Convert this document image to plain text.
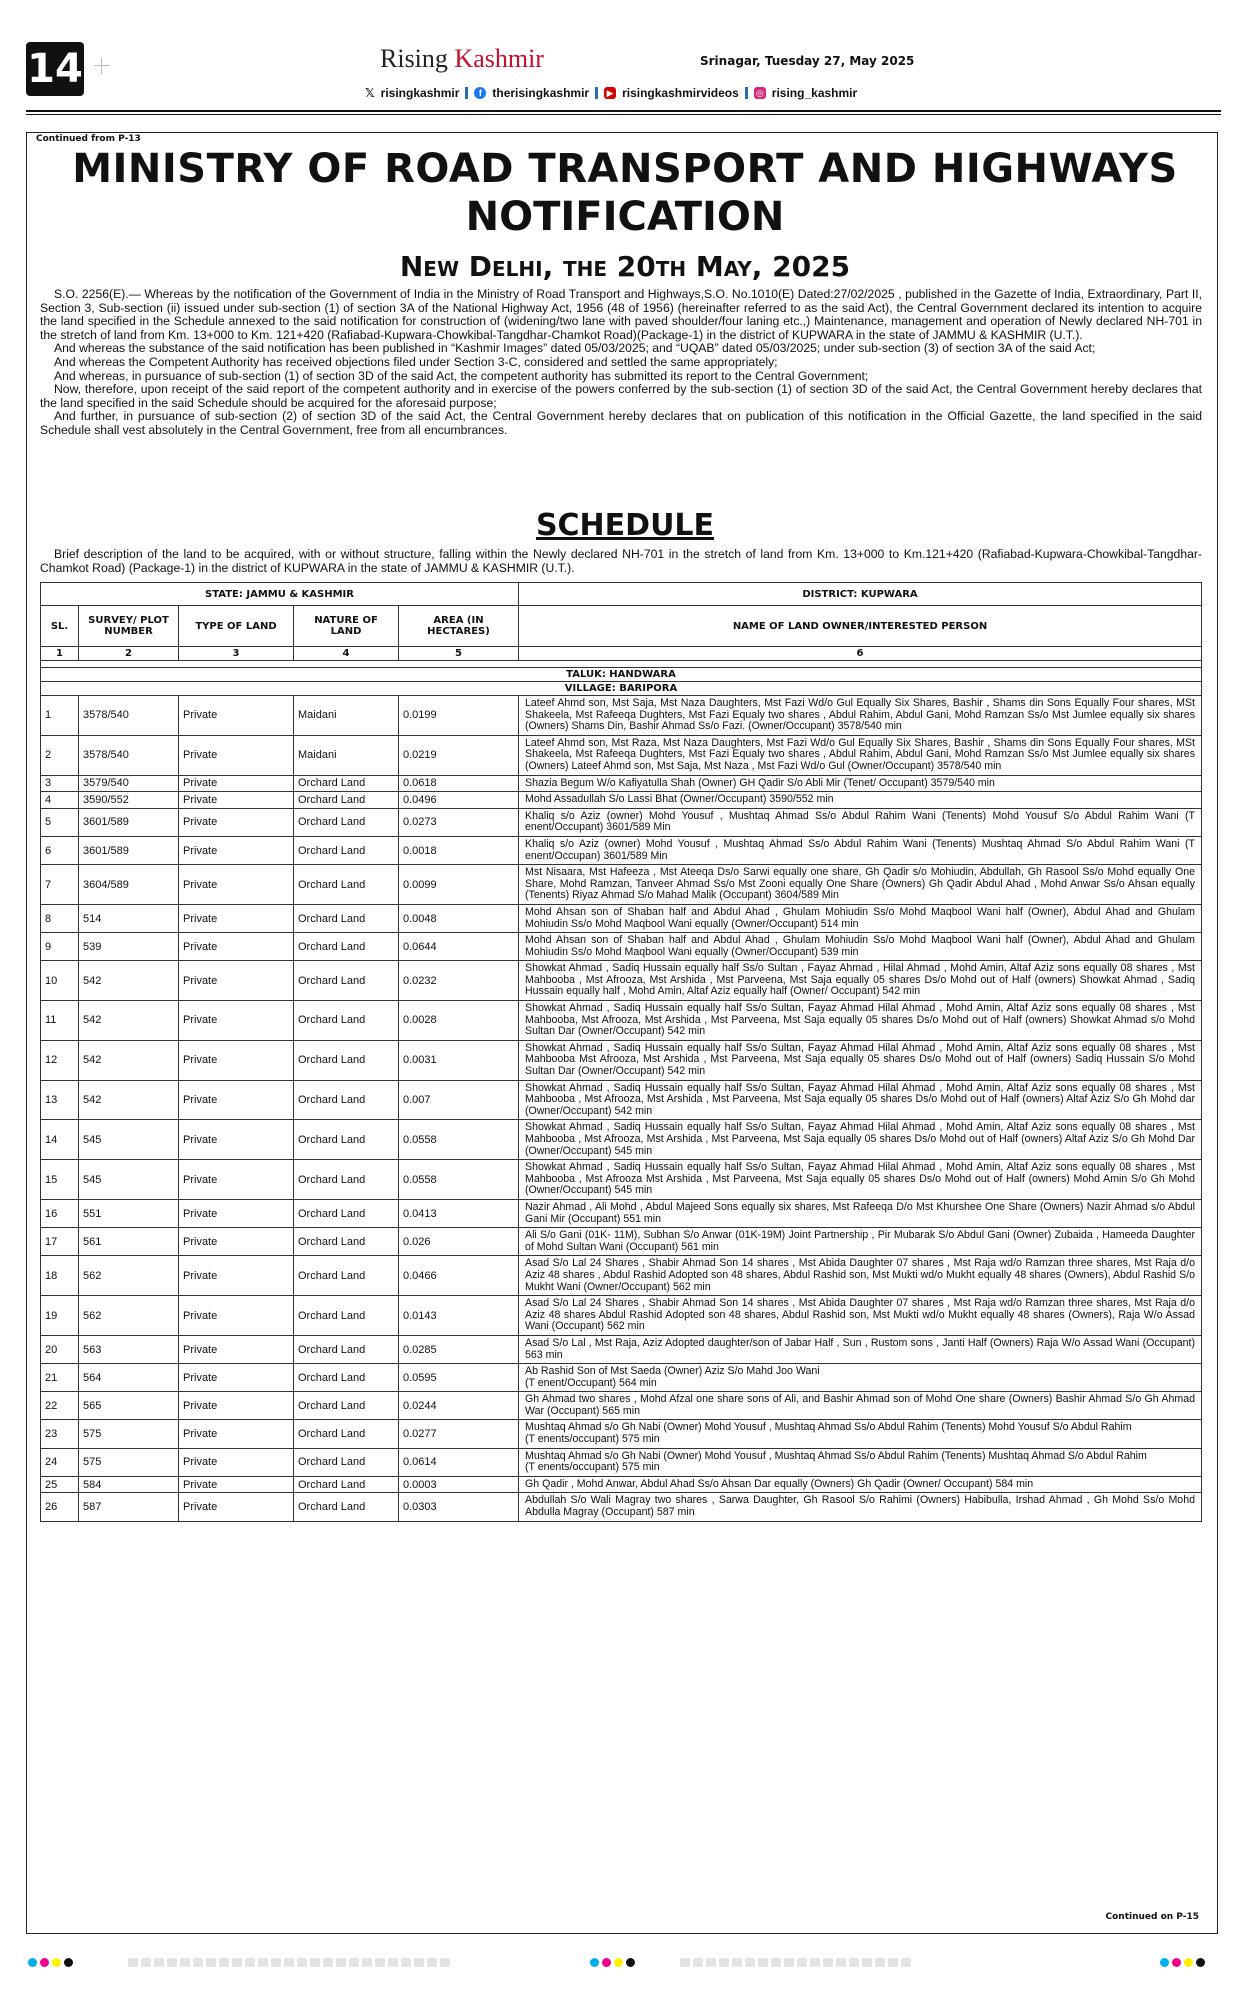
14	Rising Kashmir	Srinagar, Tuesday 27, May 2025
𝕏 risingkashmir	f therisingkashmir ▶ risingkashmirvideos ◎ rising_kashmir
Continued from P-13
MINISTRY OF ROAD TRANSPORT AND HIGHWAYS
NOTIFICATION
New Delhi, the 20th May, 2025

S.O. 2256(E).— Whereas by the notification of the Government of India in the Ministry of Road Transport and Highways,S.O. No.1010(E) Dated:27/02/2025 , published in the Gazette of India, Extraordinary, Part II, Section 3, Sub-section (ii) issued under sub-section (1) of section 3A of the National Highway Act, 1956 (48 of 1956) (hereinafter referred to as the said Act), the Central Government declared its intention to acquire the land specified in the Schedule annexed to the said notification for construction of (widening/two lane with paved shoulder/four laning etc.,) Maintenance, management and operation of Newly declared NH-701 in the stretch of land from Km. 13+000 to Km. 121+420 (Rafiabad-Kupwara-Chowkibal-Tangdhar-Chamkot Road)(Package-1) in the district of KUPWARA in the state of JAMMU & KASHMIR (U.T.).

And whereas the substance of the said notification has been published in “Kashmir Images” dated 05/03/2025; and “UQAB” dated 05/03/2025; under sub-section (3) of section 3A of the said Act;

And whereas the Competent Authority has received objections filed under Section 3-C, considered and settled the same appropriately;

And whereas, in pursuance of sub-section (1) of section 3D of the said Act, the competent authority has submitted its report to the Central Government;

Now, therefore, upon receipt of the said report of the competent authority and in exercise of the powers conferred by the sub-section (1) of section 3D of the said Act, the Central Government hereby declares that the land specified in the said Schedule should be acquired for the aforesaid purpose;

And further, in pursuance of sub-section (2) of section 3D of the said Act, the Central Government hereby declares that on publication of this notification in the Official Gazette, the land specified in the said Schedule shall vest absolutely in the Central Government, free from all encumbrances.

SCHEDULE
Brief description of the land to be acquired, with or without structure, falling within the Newly declared NH-701 in the stretch of land from Km. 13+000 to Km.121+420 (Rafiabad-Kupwara-Chowkibal-Tangdhar-Chamkot Road) (Package-1) in the district of KUPWARA in the state of JAMMU & KASHMIR (U.T.).
STATE: JAMMU & KASHMIR					DISTRICT: KUPWARA
SL.	SURVEY/ PLOT NUMBER	TYPE OF LAND	NATURE OF LAND	AREA (IN HECTARES)	NAME OF LAND OWNER/INTERESTED PERSON
1	2	3	4	5	6

TALUK: HANDWARA					
VILLAGE: BARIPORA					
1	3578/540	Private	Maidani	0.0199	Lateef Ahmd son, Mst Saja, Mst Naza Daughters, Mst Fazi Wd/o Gul Equally Six Shares, Bashir , Shams din Sons Equally Four shares, MSt Shakeela, Mst Rafeeqa Dughters, Mst Fazi Equaly two shares , Abdul Rahim, Abdul Gani, Mohd Ramzan Ss/o Mst Jumlee equally six shares (Owners) Shams Din, Bashir Ahmad Ss/o Fazi. (Owner/Occupant) 3578/540 min
2	3578/540	Private	Maidani	0.0219	Lateef Ahmd son, Mst Raza, Mst Naza Daughters, Mst Fazi Wd/o Gul Equally Six Shares, Bashir , Shams din Sons Equally Four shares, MSt Shakeela, Mst Rafeeqa Dughters, Mst Fazi Equaly two shares , Abdul Rahim, Abdul Gani, Mohd Ramzan Ss/o Mst Jumlee equally six shares (Owners) Lateef Ahmd son, Mst Saja, Mst Naza , Mst Fazi Wd/o Gul (Owner/Occupant) 3578/540 min
3	3579/540	Private	Orchard Land	0.0618	Shazia Begum W/o Kafiyatulla Shah (Owner) GH Qadir S/o Abli Mir (Tenet/ Occupant) 3579/540 min
4	3590/552	Private	Orchard Land	0.0496	Mohd Assadullah S/o Lassi Bhat (Owner/Occupant) 3590/552 min
5	3601/589	Private	Orchard Land	0.0273	Khaliq s/o Aziz (owner) Mohd Yousuf , Mushtaq Ahmad Ss/o Abdul Rahim Wani (Tenents) Mohd Yousuf S/o Abdul Rahim Wani (T enent/Occupant) 3601/589 Min
6	3601/589	Private	Orchard Land	0.0018	Khaliq s/o Aziz (owner) Mohd Yousuf , Mushtaq Ahmad Ss/o Abdul Rahim Wani (Tenents) Mushtaq Ahmad S/o Abdul Rahim Wani (T enent/Occupan) 3601/589 Min
7	3604/589	Private	Orchard Land	0.0099	Mst Nisaara, Mst Hafeeza , Mst Ateeqa Ds/o Sarwi equally one share, Gh Qadir s/o Mohiudin, Abdullah, Gh Rasool Ss/o Mohd equally One Share, Mohd Ramzan, Tanveer Ahmad Ss/o Mst Zooni equally One Share (Owners) Gh Qadir Abdul Ahad , Mohd Anwar Ss/o Ahsan equally (Tenents) Riyaz Ahmad S/o Mahad Malik (Occupant) 3604/589 Min
8	514	Private	Orchard Land	0.0048	Mohd Ahsan son of Shaban half and Abdul Ahad , Ghulam Mohiudin Ss/o Mohd Maqbool Wani half (Owner), Abdul Ahad and Ghulam Mohiudin Ss/o Mohd Maqbool Wani equally (Owner/Occupant) 514 min
9	539	Private	Orchard Land	0.0644	Mohd Ahsan son of Shaban half and Abdul Ahad , Ghulam Mohiudin Ss/o Mohd Maqbool Wani half (Owner), Abdul Ahad and Ghulam Mohiudin Ss/o Mohd Maqbool Wani equally (Owner/Occupant) 539 min
10	542	Private	Orchard Land	0.0232	Showkat Ahmad , Sadiq Hussain equally half Ss/o Sultan , Fayaz Ahmad , Hilal Ahmad , Mohd Amin, Altaf Aziz sons equally 08 shares , Mst Mahbooba , Mst Afrooza, Mst Arshida , Mst Parveena, Mst Saja equally 05 shares Ds/o Mohd out of Half (owners) Showkat Ahmad , Sadiq Hussain equally half , Mohd Amin, Altaf Aziz equally half (Owner/ Occupant) 542 min
11	542	Private	Orchard Land	0.0028	Showkat Ahmad , Sadiq Hussain equally half Ss/o Sultan, Fayaz Ahmad Hilal Ahmad , Mohd Amin, Altaf Aziz sons equally 08 shares , Mst Mahbooba, Mst Afrooza, Mst Arshida , Mst Parveena, Mst Saja equally 05 shares Ds/o Mohd out of Half (owners) Showkat Ahmad s/o Mohd Sultan Dar (Owner/Occupant) 542 min
12	542	Private	Orchard Land	0.0031	Showkat Ahmad , Sadiq Hussain equally half Ss/o Sultan, Fayaz Ahmad Hilal Ahmad , Mohd Amin, Altaf Aziz sons equally 08 shares , Mst Mahbooba Mst Afrooza, Mst Arshida , Mst Parveena, Mst Saja equally 05 shares Ds/o Mohd out of Half (owners) Sadiq Hussain S/o Mohd Sultan Dar (Owner/Occupant) 542 min
13	542	Private	Orchard Land	0.007	Showkat Ahmad , Sadiq Hussain equally half Ss/o Sultan, Fayaz Ahmad Hilal Ahmad , Mohd Amin, Altaf Aziz sons equally 08 shares , Mst Mahbooba , Mst Afrooza, Mst Arshida , Mst Parveena, Mst Saja equally 05 shares Ds/o Mohd out of Half (owners) Altaf Aziz S/o Gh Mohd dar (Owner/Occupant) 542 min
14	545	Private	Orchard Land	0.0558	Showkat Ahmad , Sadiq Hussain equally half Ss/o Sultan, Fayaz Ahmad Hilal Ahmad , Mohd Amin, Altaf Aziz sons equally 08 shares , Mst Mahbooba , Mst Afrooza, Mst Arshida , Mst Parveena, Mst Saja equally 05 shares Ds/o Mohd out of Half (owners) Altaf Aziz S/o Gh Mohd Dar (Owner/Occupant) 545 min
15	545	Private	Orchard Land	0.0558	Showkat Ahmad , Sadiq Hussain equally half Ss/o Sultan, Fayaz Ahmad Hilal Ahmad , Mohd Amin, Altaf Aziz sons equally 08 shares , Mst Mahbooba , Mst Afrooza Mst Arshida , Mst Parveena, Mst Saja equally 05 shares Ds/o Mohd out of Half (owners) Mohd Amin S/o Gh Mohd (Owner/Occupant) 545 min
16	551	Private	Orchard Land	0.0413	Nazir Ahmad , Ali Mohd , Abdul Majeed Sons equally six shares, Mst Rafeeqa D/o Mst Khurshee One Share (Owners) Nazir Ahmad s/o Abdul Gani Mir (Occupant) 551 min
17	561	Private	Orchard Land	0.026	Ali S/o Gani (01K- 11M), Subhan S/o Anwar (01K-19M) Joint Partnership , Pir Mubarak S/o Abdul Gani (Owner) Zubaida , Hameeda Daughter of Mohd Sultan Wani (Occupant) 561 min
18	562	Private	Orchard Land	0.0466	Asad S/o Lal 24 Shares , Shabir Ahmad Son 14 shares , Mst Abida Daughter 07 shares , Mst Raja wd/o Ramzan three shares, Mst Raja d/o Aziz 48 shares , Abdul Rashid Adopted son 48 shares, Abdul Rashid son, Mst Mukti wd/o Mukht equally 48 shares (Owners), Abdul Rashid S/o Mukht Wani (Owner/Occupant) 562 min
19	562	Private	Orchard Land	0.0143	Asad S/o Lal 24 Shares , Shabir Ahmad Son 14 shares , Mst Abida Daughter 07 shares , Mst Raja wd/o Ramzan three shares, Mst Raja d/o Aziz 48 shares Abdul Rashid Adopted son 48 shares, Abdul Rashid son, Mst Mukti wd/o Mukht equally 48 shares (Owners), Raja W/o Assad Wani (Occupant) 562 min
20	563	Private	Orchard Land	0.0285	Asad S/o Lal , Mst Raja, Aziz Adopted daughter/son of Jabar Half , Sun , Rustom sons , Janti Half (Owners) Raja W/o Assad Wani (Occupant) 563 min
21	564	Private	Orchard Land	0.0595	Ab Rashid Son of Mst Saeda (Owner) Aziz S/o Mahd Joo Wani
(T enent/Occupant) 564 min
22	565	Private	Orchard Land	0.0244	Gh Ahmad two shares , Mohd Afzal one share sons of Ali, and Bashir Ahmad son of Mohd One share (Owners) Bashir Ahmad S/o Gh Ahmad War (Occupant) 565 min
23	575	Private	Orchard Land	0.0277	Mushtaq Ahmad s/o Gh Nabi (Owner) Mohd Yousuf , Mushtaq Ahmad Ss/o Abdul Rahim (Tenents) Mohd Yousuf S/o Abdul Rahim
(T enents/occupant) 575 min
24	575	Private	Orchard Land	0.0614	Mushtaq Ahmad s/o Gh Nabi (Owner) Mohd Yousuf , Mushtaq Ahmad Ss/o Abdul Rahim (Tenents) Mushtaq Ahmad S/o Abdul Rahim
(T enents/occupant) 575 min
25	584	Private	Orchard Land	0.0003	Gh Qadir , Mohd Anwar, Abdul Ahad Ss/o Ahsan Dar equally (Owners) Gh Qadir (Owner/ Occupant) 584 min
26	587	Private	Orchard Land	0.0303	Abdullah S/o Wali Magray two shares , Sarwa Daughter, Gh Rasool S/o Rahimi (Owners) Habibulla, Irshad Ahmad , Gh Mohd Ss/o Mohd Abdulla Magray (Occupant) 587 min
Continued on P-15
